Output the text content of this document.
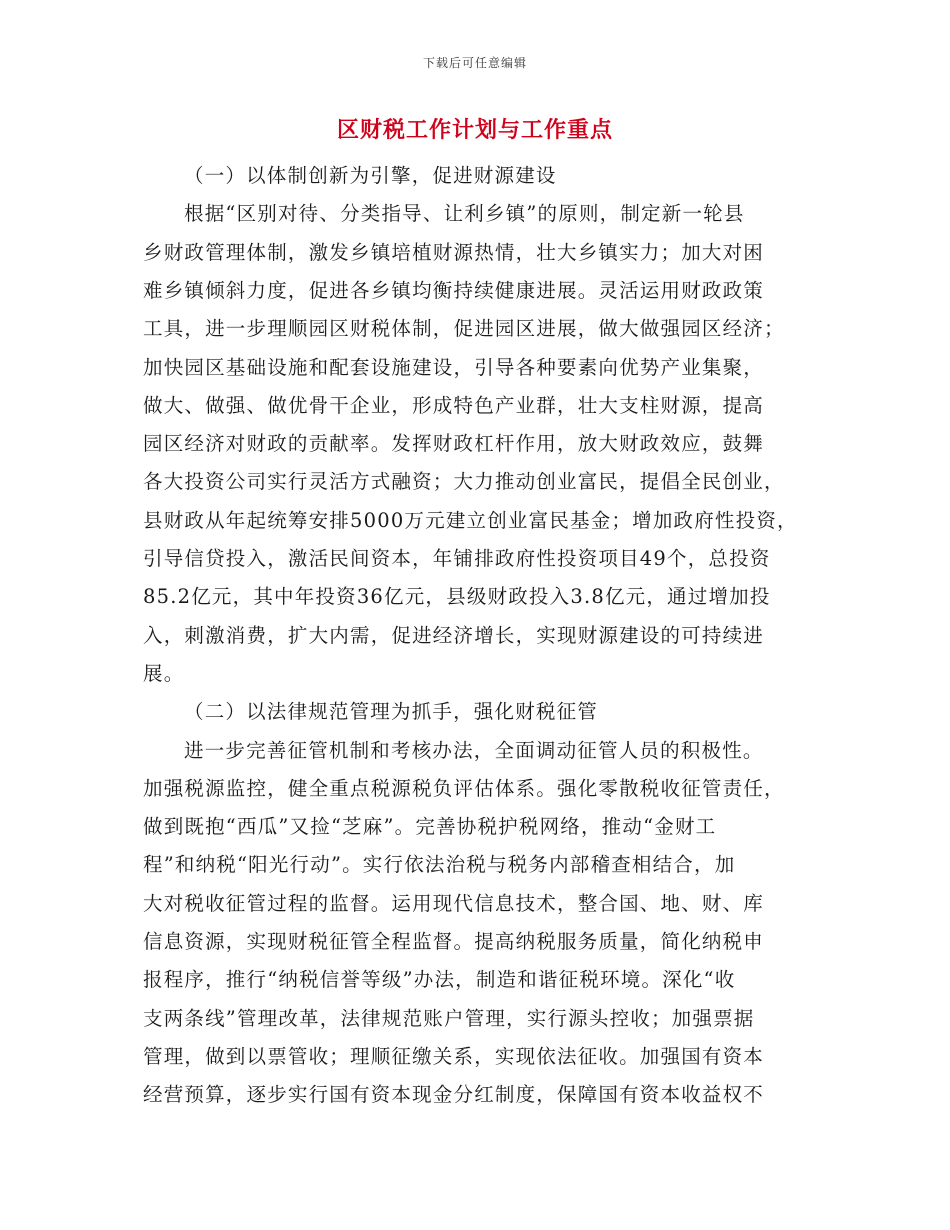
下载后可任意编辑
区财税工作计划与工作重点
（一）以体制创新为引擎，促进财源建设
根据“区别对待、分类指导、让利乡镇”的原则，制定新一轮县
乡财政管理体制，激发乡镇培植财源热情，壮大乡镇实力；加大对困
难乡镇倾斜力度，促进各乡镇均衡持续健康进展。灵活运用财政政策
工具，进一步理顺园区财税体制，促进园区进展，做大做强园区经济；
加快园区基础设施和配套设施建设，引导各种要素向优势产业集聚，
做大、做强、做优骨干企业，形成特色产业群，壮大支柱财源，提高
园区经济对财政的贡献率。发挥财政杠杆作用，放大财政效应，鼓舞
各大投资公司实行灵活方式融资；大力推动创业富民，提倡全民创业，
县财政从年起统筹安排5000万元建立创业富民基金；增加政府性投资，
引导信贷投入，激活民间资本，年铺排政府性投资项目49个，总投资
85.2亿元，其中年投资36亿元，县级财政投入3.8亿元，通过增加投
入，刺激消费，扩大内需，促进经济增长，实现财源建设的可持续进
展。
（二）以法律规范管理为抓手，强化财税征管
进一步完善征管机制和考核办法，全面调动征管人员的积极性。
加强税源监控，健全重点税源税负评估体系。强化零散税收征管责任，
做到既抱“西瓜”又捡“芝麻”。完善协税护税网络，推动“金财工
程”和纳税“阳光行动”。实行依法治税与税务内部稽查相结合，加
大对税收征管过程的监督。运用现代信息技术，整合国、地、财、库
信息资源，实现财税征管全程监督。提高纳税服务质量，简化纳税申
报程序，推行“纳税信誉等级”办法，制造和谐征税环境。深化“收
支两条线”管理改革，法律规范账户管理，实行源头控收；加强票据
管理，做到以票管收；理顺征缴关系，实现依法征收。加强国有资本
经营预算，逐步实行国有资本现金分红制度，保障国有资本收益权不
